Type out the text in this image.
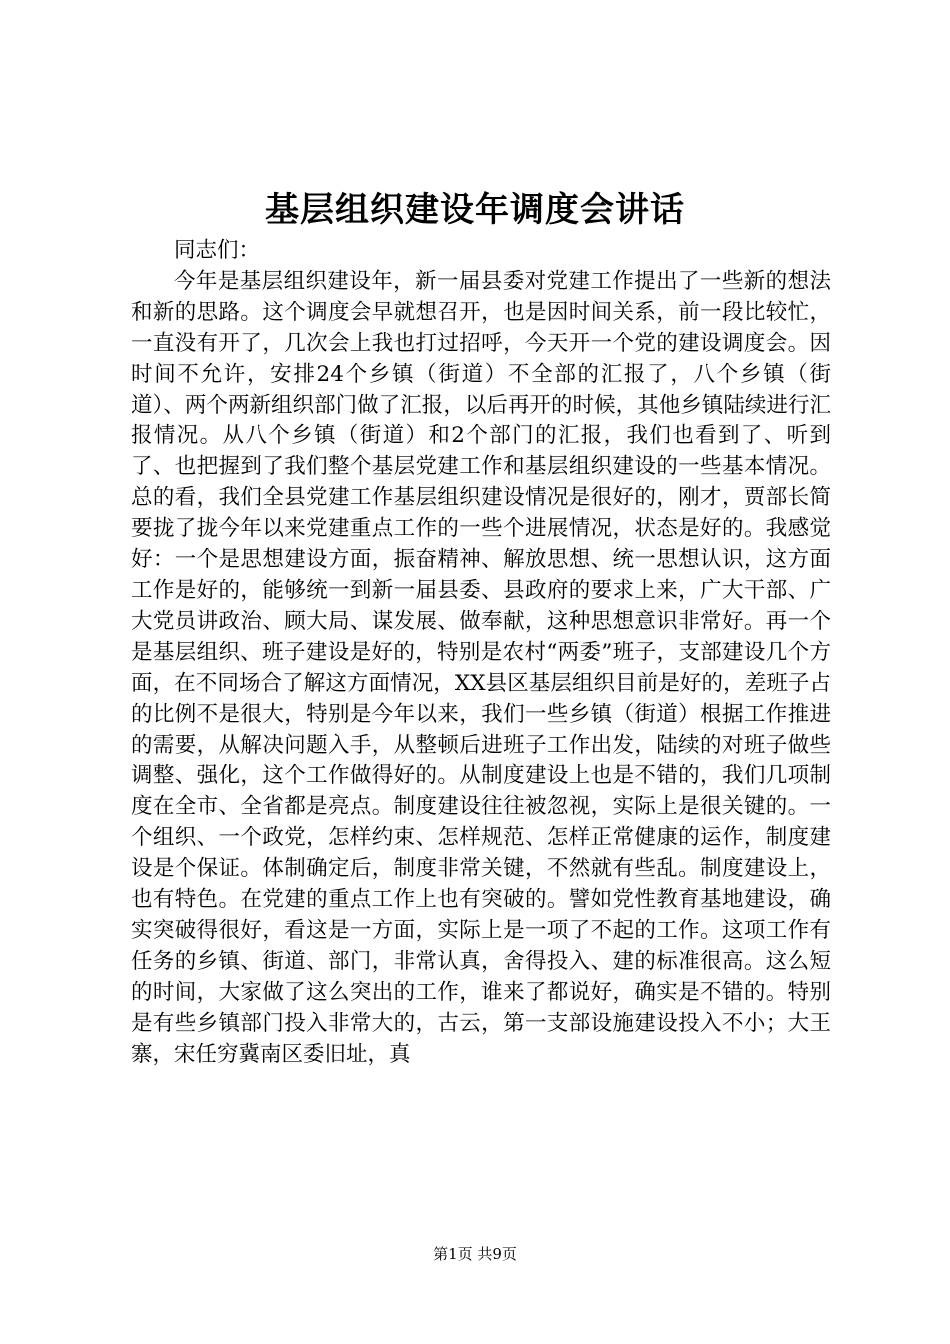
基层组织建设年调度会讲话

同志们：

今年是基层组织建设年，新一届县委对党建工作提出了一些新的想法和新的思路。这个调度会早就想召开，也是因时间关系，前一段比较忙，一直没有开了，几次会上我也打过招呼，今天开一个党的建设调度会。因时间不允许，安排24个乡镇（街道）不全部的汇报了，八个乡镇（街道）、两个两新组织部门做了汇报，以后再开的时候，其他乡镇陆续进行汇报情况。从八个乡镇（街道）和2个部门的汇报，我们也看到了、听到了、也把握到了我们整个基层党建工作和基层组织建设的一些基本情况。总的看，我们全县党建工作基层组织建设情况是很好的，刚才，贾部长简要拢了拢今年以来党建重点工作的一些个进展情况，状态是好的。我感觉好：一个是思想建设方面，振奋精神、解放思想、统一思想认识，这方面工作是好的，能够统一到新一届县委、县政府的要求上来，广大干部、广大党员讲政治、顾大局、谋发展、做奉献，这种思想意识非常好。再一个是基层组织、班子建设是好的，特别是农村“两委”班子，支部建设几个方面，在不同场合了解这方面情况，XX县区基层组织目前是好的，差班子占的比例不是很大，特别是今年以来，我们一些乡镇（街道）根据工作推进的需要，从解决问题入手，从整顿后进班子工作出发，陆续的对班子做些调整、强化，这个工作做得好的。从制度建设上也是不错的，我们几项制度在全市、全省都是亮点。制度建设往往被忽视，实际上是很关键的。一个组织、一个政党，怎样约束、怎样规范、怎样正常健康的运作，制度建设是个保证。体制确定后，制度非常关键，不然就有些乱。制度建设上，也有特色。在党建的重点工作上也有突破的。譬如党性教育基地建设，确实突破得很好，看这是一方面，实际上是一项了不起的工作。这项工作有任务的乡镇、街道、部门，非常认真，舍得投入、建的标准很高。这么短的时间，大家做了这么突出的工作，谁来了都说好，确实是不错的。特别是有些乡镇部门投入非常大的，古云，第一支部设施建设投入不小；大王寨，宋任穷冀南区委旧址，真

第1页 共9页
